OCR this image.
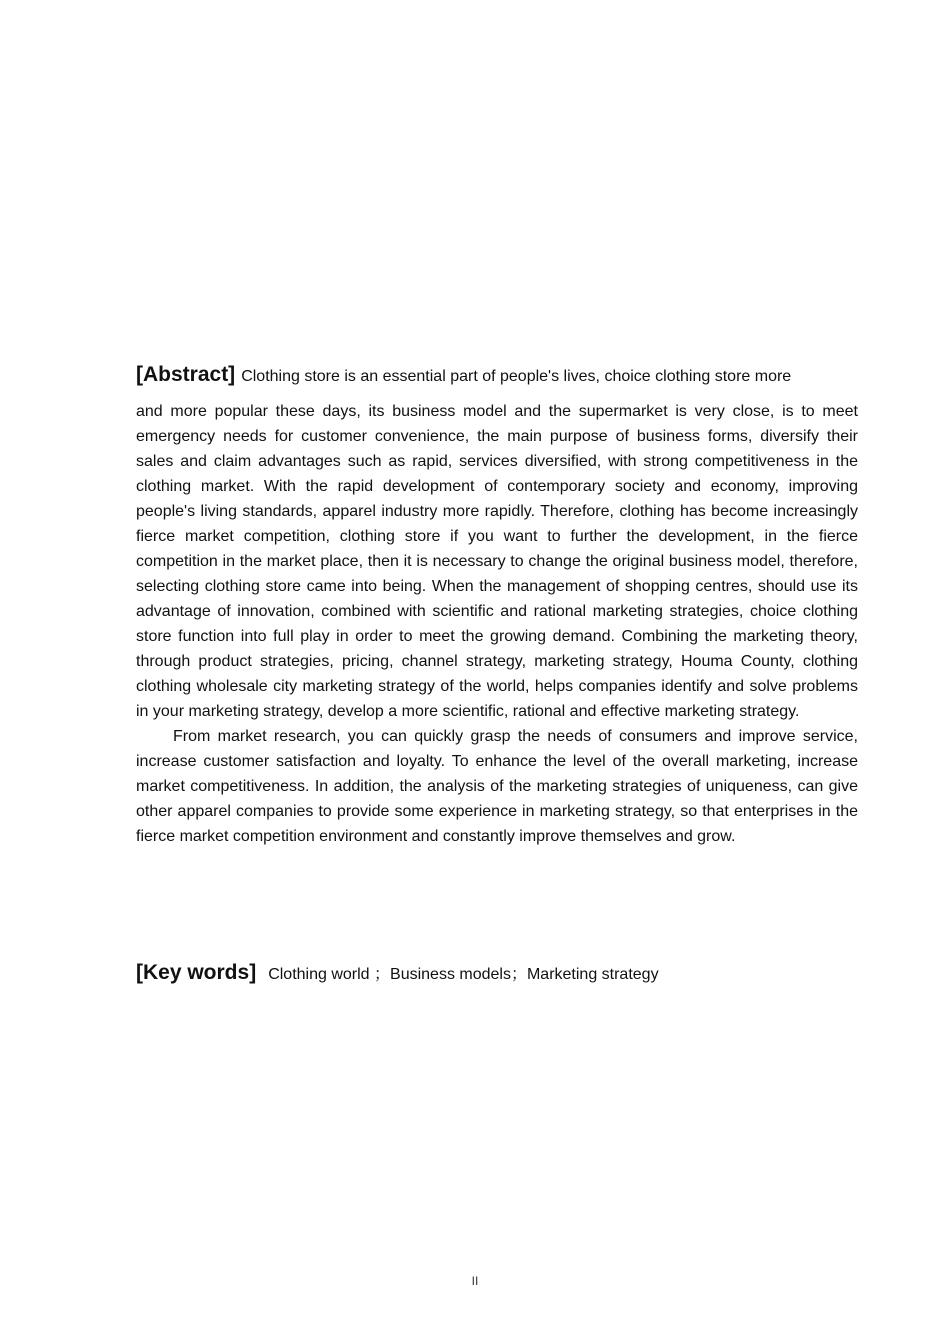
[Abstract] Clothing store is an essential part of people's lives, choice clothing store more
and more popular these days, its business model and the supermarket is very close, is to meet emergency needs for customer convenience, the main purpose of business forms, diversify their sales and claim advantages such as rapid, services diversified, with strong competitiveness in the clothing market. With the rapid development of contemporary society and economy, improving people's living standards, apparel industry more rapidly. Therefore, clothing has become increasingly fierce market competition, clothing store if you want to further the development, in the fierce competition in the market place, then it is necessary to change the original business model, therefore, selecting clothing store came into being. When the management of shopping centres, should use its advantage of innovation, combined with scientific and rational marketing strategies, choice clothing store function into full play in order to meet the growing demand. Combining the marketing theory, through product strategies, pricing, channel strategy, marketing strategy, Houma County, clothing clothing wholesale city marketing strategy of the world, helps companies identify and solve problems in your marketing strategy, develop a more scientific, rational and effective marketing strategy.

From market research, you can quickly grasp the needs of consumers and improve service, increase customer satisfaction and loyalty. To enhance the level of the overall marketing, increase market competitiveness. In addition, the analysis of the marketing strategies of uniqueness, can give other apparel companies to provide some experience in marketing strategy, so that enterprises in the fierce market competition environment and constantly improve themselves and grow.

[Key words] Clothing world ；Business models；Marketing strategy
II
